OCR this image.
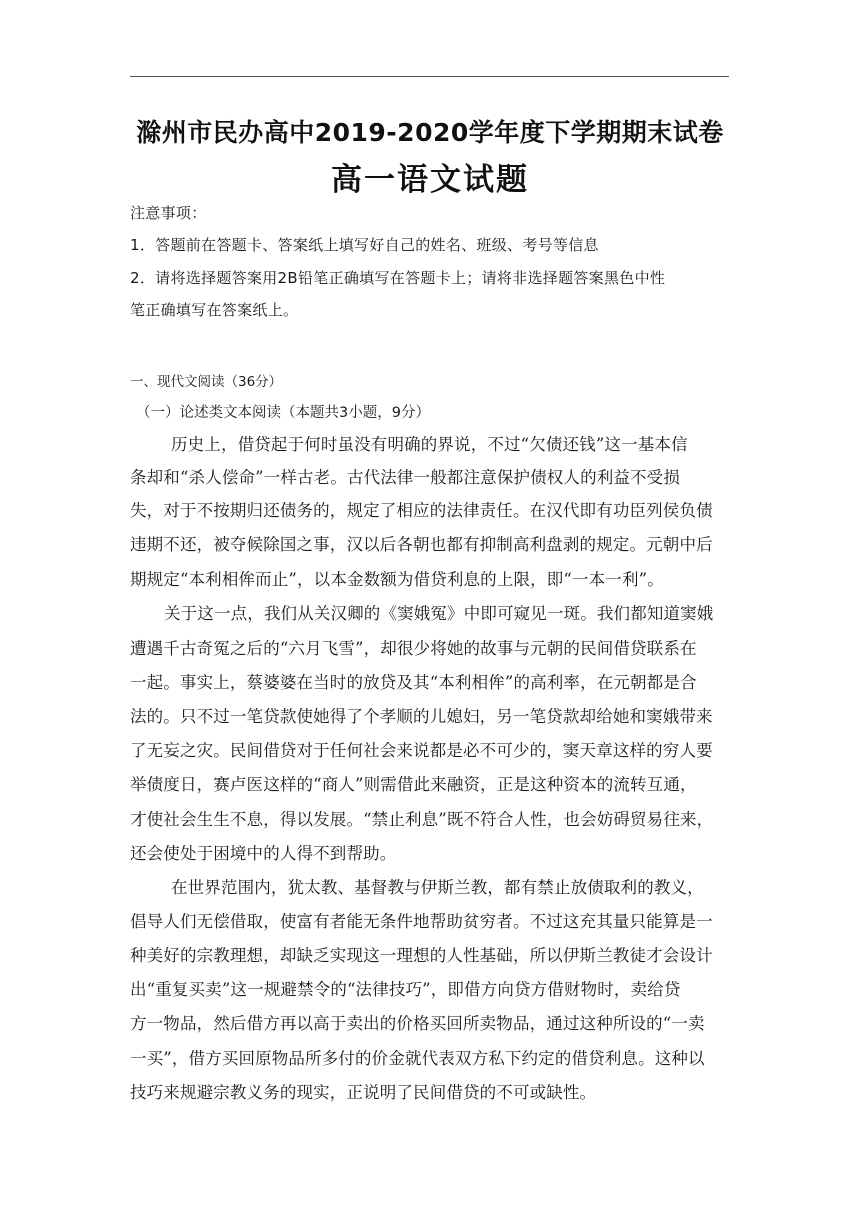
滁州市民办高中2019-2020学年度下学期期末试卷
高一语文试题
注意事项：
1．答题前在答题卡、答案纸上填写好自己的姓名、班级、考号等信息
2．请将选择题答案用2B铅笔正确填写在答题卡上；请将非选择题答案黑色中性
笔正确填写在答案纸上。
一、现代文阅读（36分）
（一）论述类文本阅读（本题共3小题，9分）
历史上，借贷起于何时虽没有明确的界说，不过“欠债还钱”这一基本信
条却和“杀人偿命”一样古老。古代法律一般都注意保护债权人的利益不受损
失，对于不按期归还债务的，规定了相应的法律责任。在汉代即有功臣列侯负债
违期不还，被夺候除国之事，汉以后各朝也都有抑制高利盘剥的规定。元朝中后
期规定“本利相侔而止”，以本金数额为借贷利息的上限，即“一本一利”。
关于这一点，我们从关汉卿的《窦娥冤》中即可窥见一斑。我们都知道窦娥
遭遇千古奇冤之后的“六月飞雪”，却很少将她的故事与元朝的民间借贷联系在
一起。事实上，蔡婆婆在当时的放贷及其“本利相侔”的高利率，在元朝都是合
法的。只不过一笔贷款使她得了个孝顺的儿媳妇，另一笔贷款却给她和窦娥带来
了无妄之灾。民间借贷对于任何社会来说都是必不可少的，窦天章这样的穷人要
举债度日，赛卢医这样的“商人”则需借此来融资，正是这种资本的流转互通，
才使社会生生不息，得以发展。“禁止利息”既不符合人性，也会妨碍贸易往来，
还会使处于困境中的人得不到帮助。
在世界范围内，犹太教、基督教与伊斯兰教，都有禁止放债取利的教义，
倡导人们无偿借取，使富有者能无条件地帮助贫穷者。不过这充其量只能算是一
种美好的宗教理想，却缺乏实现这一理想的人性基础，所以伊斯兰教徒才会设计
出“重复买卖”这一规避禁令的“法律技巧”，即借方向贷方借财物时，卖给贷
方一物品，然后借方再以高于卖出的价格买回所卖物品，通过这种所设的“一卖
一买”，借方买回原物品所多付的价金就代表双方私下约定的借贷利息。这种以
技巧来规避宗教义务的现实，正说明了民间借贷的不可或缺性。
